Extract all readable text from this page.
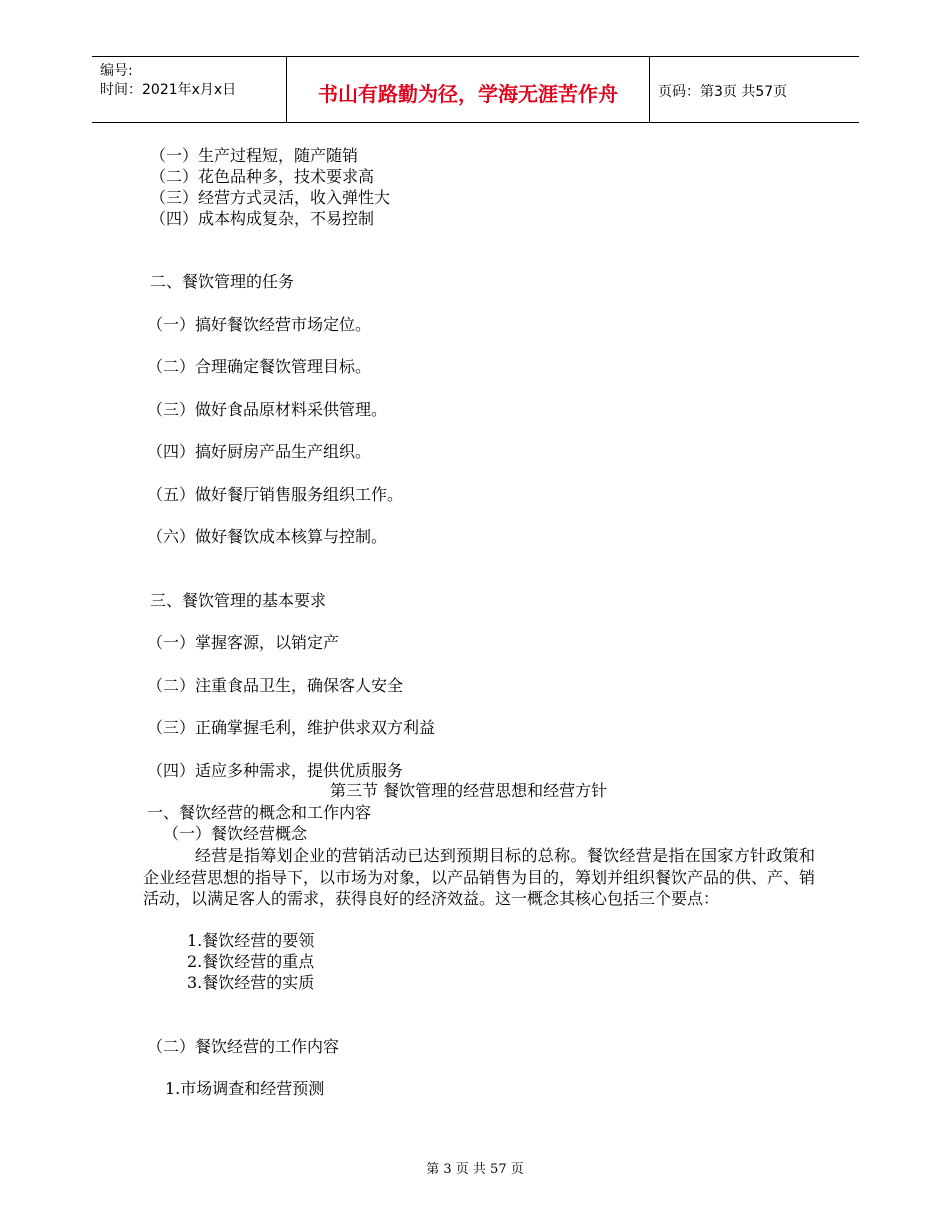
编号:
时间：2021年x月x日	书山有路勤为径，学海无涯苦作舟	页码：第3页 共57页
（一）生产过程短，随产随销
（二）花色品种多，技术要求高
（三）经营方式灵活，收入弹性大
（四）成本构成复杂，不易控制
二、餐饮管理的任务
（一）搞好餐饮经营市场定位。
（二）合理确定餐饮管理目标。
（三）做好食品原材料采供管理。
（四）搞好厨房产品生产组织。
（五）做好餐厅销售服务组织工作。
（六）做好餐饮成本核算与控制。
三、餐饮管理的基本要求
（一）掌握客源，以销定产
（二）注重食品卫生，确保客人安全
（三）正确掌握毛利，维护供求双方利益
（四）适应多种需求，提供优质服务
第三节 餐饮管理的经营思想和经营方针
一、餐饮经营的概念和工作内容
（一）餐饮经营概念
经营是指筹划企业的营销活动已达到预期目标的总称。餐饮经营是指在国家方针政策和企业经营思想的指导下，以市场为对象，以产品销售为目的，筹划并组织餐饮产品的供、产、销活动，以满足客人的需求，获得良好的经济效益。这一概念其核心包括三个要点：
1.餐饮经营的要领
2.餐饮经营的重点
3.餐饮经营的实质
（二）餐饮经营的工作内容
1.市场调查和经营预测
第 3 页 共 57 页
